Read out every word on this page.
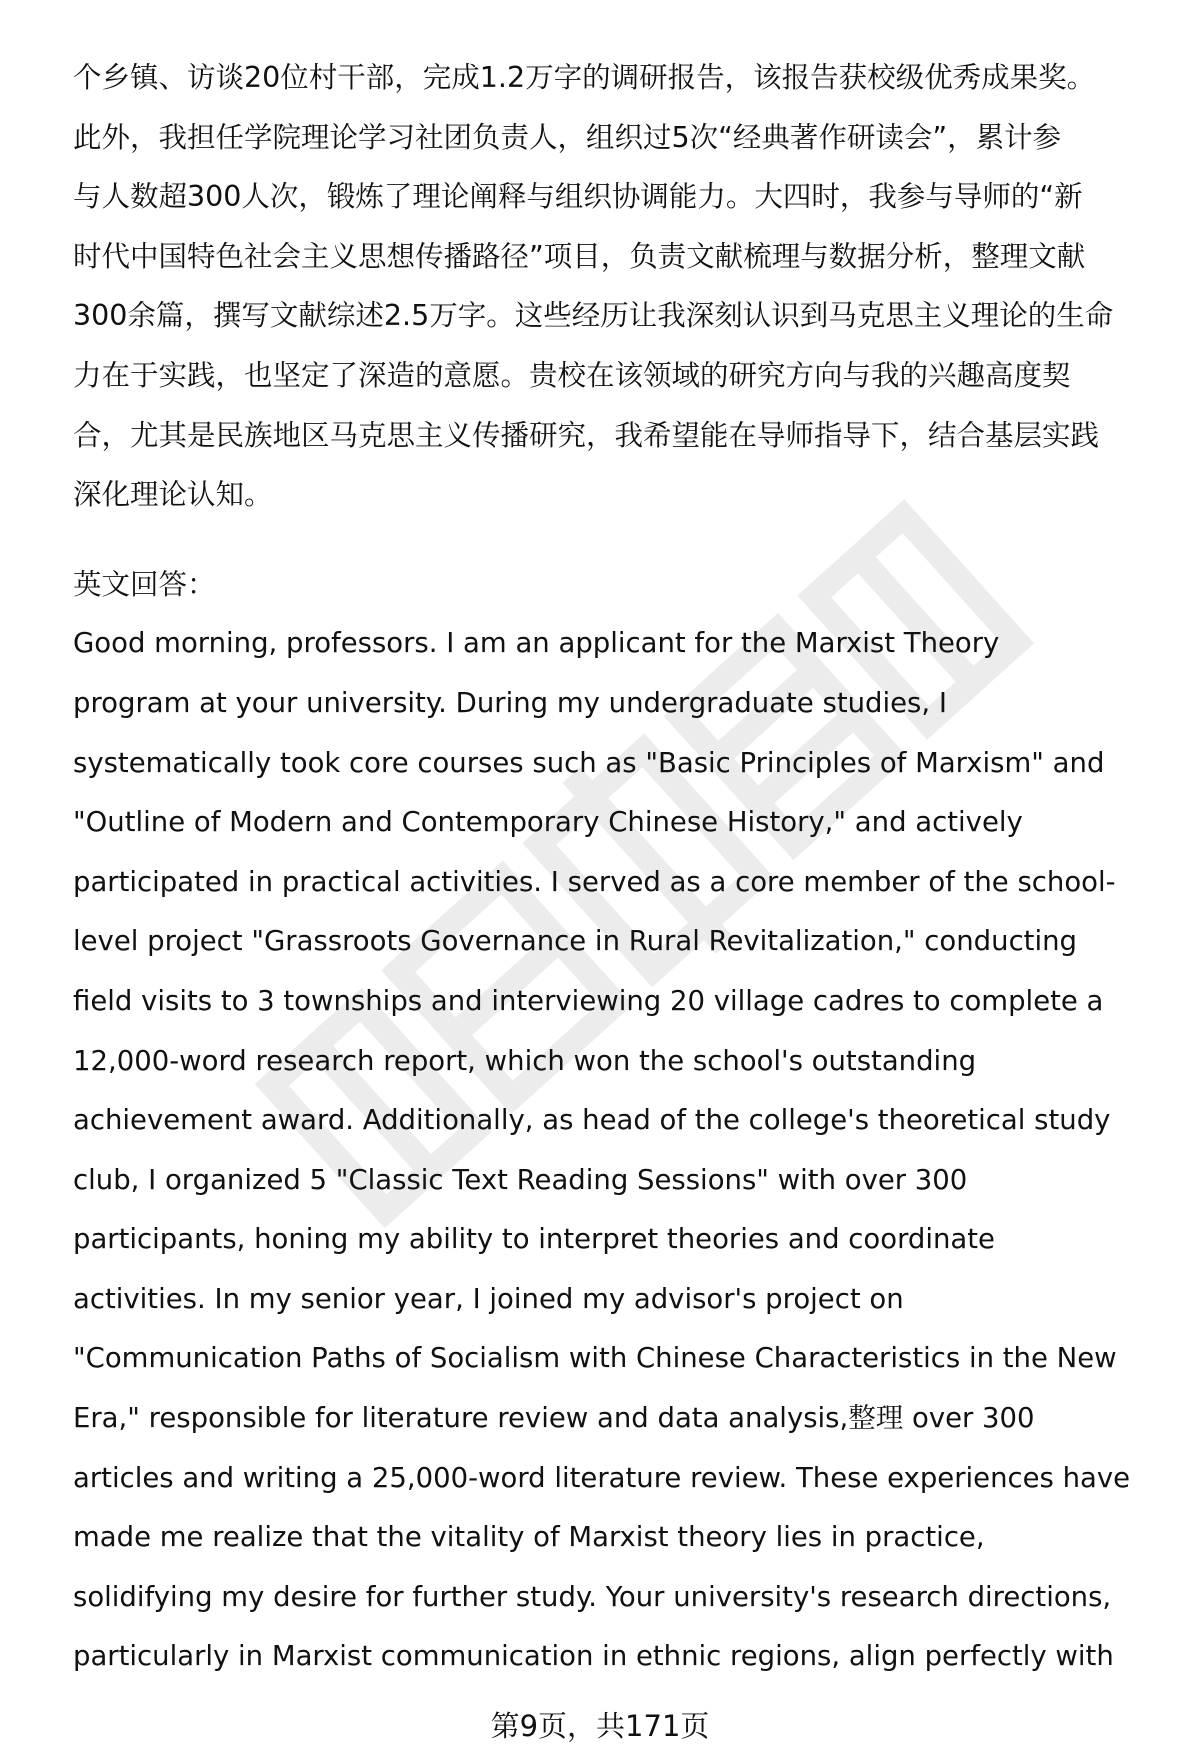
个乡镇、访谈20位村干部，完成1.2万字的调研报告，该报告获校级优秀成果奖。
此外，我担任学院理论学习社团负责人，组织过5次“经典著作研读会”，累计参
与人数超300人次，锻炼了理论阐释与组织协调能力。大四时，我参与导师的“新
时代中国特色社会主义思想传播路径”项目，负责文献梳理与数据分析，整理文献
300余篇，撰写文献综述2.5万字。这些经历让我深刻认识到马克思主义理论的生命
力在于实践，也坚定了深造的意愿。贵校在该领域的研究方向与我的兴趣高度契
合，尤其是民族地区马克思主义传播研究，我希望能在导师指导下，结合基层实践
深化理论认知。
英文回答：
Good morning, professors. I am an applicant for the Marxist Theory
program at your university. During my undergraduate studies, I
systematically took core courses such as "Basic Principles of Marxism" and
"Outline of Modern and Contemporary Chinese History," and actively
participated in practical activities. I served as a core member of the school-
level project "Grassroots Governance in Rural Revitalization," conducting
field visits to 3 townships and interviewing 20 village cadres to complete a
12,000-word research report, which won the school's outstanding
achievement award. Additionally, as head of the college's theoretical study
club, I organized 5 "Classic Text Reading Sessions" with over 300
participants, honing my ability to interpret theories and coordinate
activities. In my senior year, I joined my advisor's project on
"Communication Paths of Socialism with Chinese Characteristics in the New
Era," responsible for literature review and data analysis,整理 over 300
articles and writing a 25,000-word literature review. These experiences have
made me realize that the vitality of Marxist theory lies in practice,
solidifying my desire for further study. Your university's research directions,
particularly in Marxist communication in ethnic regions, align perfectly with
第9页，共171页
